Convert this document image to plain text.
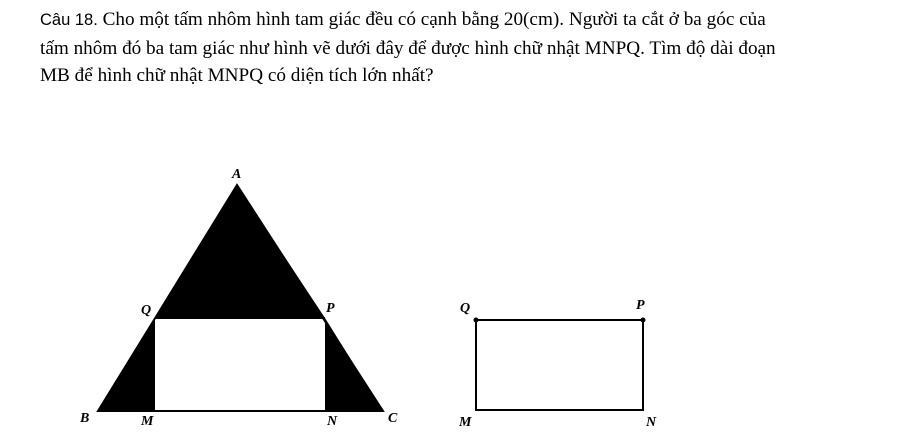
Câu 18. Cho một tấm nhôm hình tam giác đều có cạnh bằng 20(cm). Người ta cắt ở ba góc của
tấm nhôm đó ba tam giác như hình vẽ dưới đây để được hình chữ nhật MNPQ. Tìm độ dài đoạn
MB để hình chữ nhật MNPQ có diện tích lớn nhất?
A
Q	P
B	M	N	C
Q	P
M	N
